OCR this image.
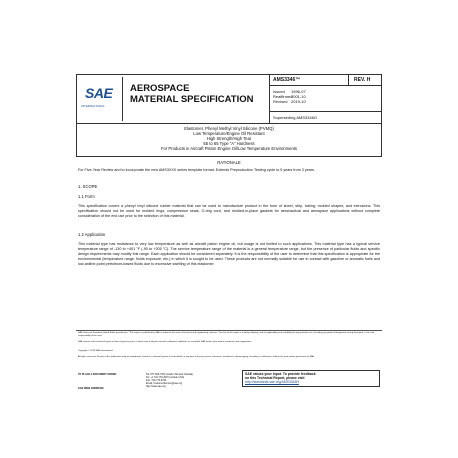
SAE
INTERNATIONAL
AEROSPACE
MATERIAL SPECIFICATION
AMS3346™	REV. H
Issued 1996-07
Reaffirmed2001-10
Revised 2019-10
Superseding AMS3346G
Elastomer, Phenyl Methyl Vinyl Silicone (PVMQ)
Low Temperature/Engine Oil Resistant
High Strength/High Tear
55 to 65 Type “A” Hardness
For Products in Aircraft Piston Engine Oil/Low Temperature Environments
RATIONALE
For Five-Year Review and to incorporate the new AMS3XXX series template format. Extends Preproduction Testing cycle to 5 years from 3 years.
1. SCOPE
1.1 Form
This specification covers a phenyl vinyl silicone rubber material that can be used to manufacture product in the form of sheet, strip, tubing, molded shapes, and extrusions. This specification should not be used for molded rings, compression seals, O-ring cord, and molded-in-place gaskets for aeronautical and aerospace applications without complete consideration of the end use prior to the selection of this material.
1.2 Application
This material type has resistance to very low temperature as well as aircraft piston engine oil, but usage is not limited to such applications. This material type has a typical service temperature range of -130 to +401 °F (-90 to +205 °C). The service temperature range of the material is a general temperature range, but the presence of particular fluids and specific design requirements may modify this range. Each application should be considered separately. It is the responsibility of the user to determine that this specification is appropriate for the environmental (temperature range, fluids exposure, etc.) in which it is sought to be used. These products are not normally suitable for use in contact with gasoline or aromatic fuels and low-aniline-point petroleum-based fluids due to excessive swelling of this elastomer.
SAE Technical Standards Board Rules provide that: "This report is published by SAE to advance the state of technical and engineering sciences. The use of this report is entirely voluntary, and its applicability and suitability for any particular use, including any patent infringement arising therefrom, is the sole responsibility of the user."
SAE reviews each technical report at least every five years at which time it may be revised, reaffirmed, stabilized, or cancelled. SAE invites your written comments and suggestions.
Copyright © 2019 SAE International
All rights reserved. No part of this publication may be reproduced, stored in a retrieval system or transmitted, in any form or by any means, electronic, mechanical, photocopying, recording, or otherwise, without the prior written permission of SAE.
TO PLACE A DOCUMENT ORDER:	Tel: 877-606-7323 (inside USA and Canada)
Tel: +1 724-776-4970 (outside USA)
Fax: 724-776-0790
Email: CustomerService@sae.org
http://www.sae.org
SAE values your input. To provide feedback
on this Technical Report, please visit
http://standards.sae.org/AMS3346H
SAE WEB ADDRESS:
